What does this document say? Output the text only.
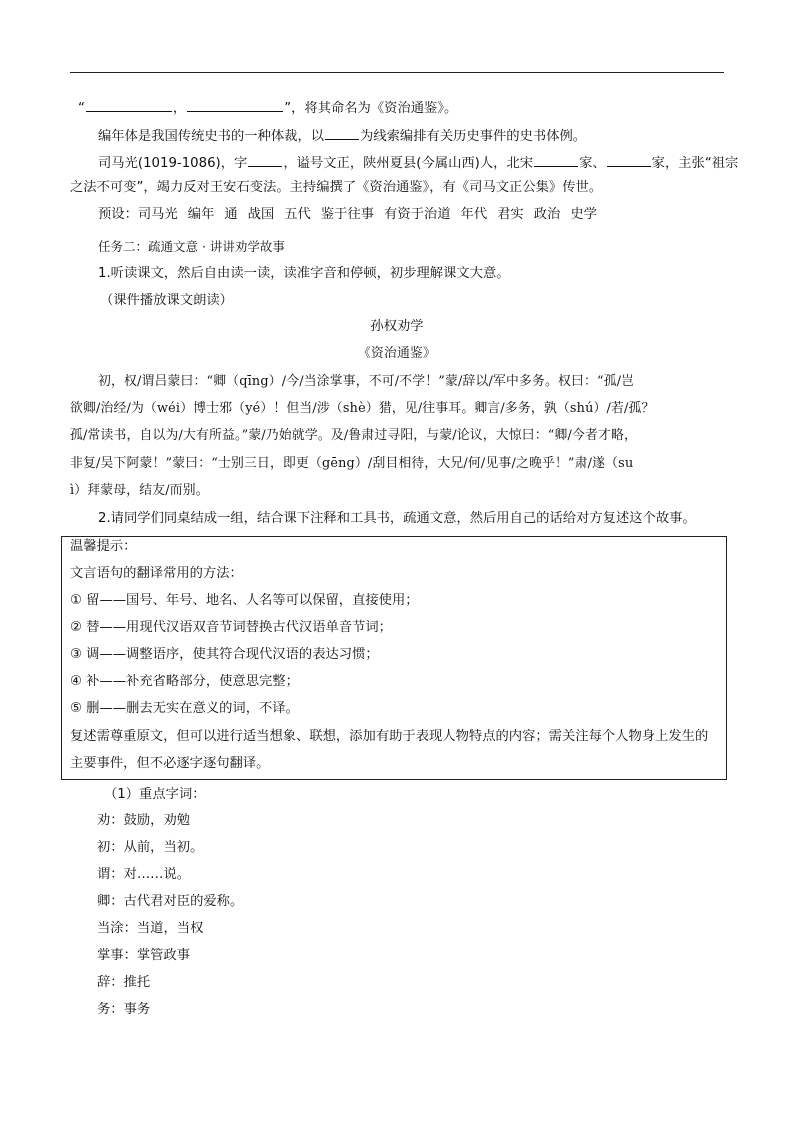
“	，	”，将其命名为《资治通鉴》。
编年体是我国传统史书的一种体裁，以	为线索编排有关历史事件的史书体例。
司马光(1019-1086)，字	，谥号文正，陕州夏县(今属山西)人，北宋	家、	家，主张“祖宗
之法不可变”，竭力反对王安石变法。主持编撰了《资治通鉴》，有《司马文正公集》传世。
预设：司马光 编年 通 战国 五代 鉴于往事 有资于治道 年代 君实 政治 史学
任务二：疏通文意 · 讲讲劝学故事
1.听读课文，然后自由读一读，读准字音和停顿，初步理解课文大意。
（课件播放课文朗读）
孙权劝学
《资治通鉴》
初，权/谓吕蒙曰：“卿（qīng）/今/当涂掌事，不可/不学！”蒙/辞以/军中多务。权曰：“孤/岂
欲卿/治经/为（wéi）博士邪（yé）！但当/涉（shè）猎，见/往事耳。卿言/多务，孰（shú）/若/孤？
孤/常读书，自以为/大有所益。”蒙/乃始就学。及/鲁肃过寻阳，与蒙/论议，大惊曰：“卿/今者才略，
非复/吴下阿蒙！”蒙曰：“士别三日，即更（gēng）/刮目相待，大兄/何/见事/之晚乎！”肃/遂（su
ì）拜蒙母，结友/而别。
2.请同学们同桌结成一组，结合课下注释和工具书，疏通文意，然后用自己的话给对方复述这个故事。
温馨提示：
文言语句的翻译常用的方法：
① 留——国号、年号、地名、人名等可以保留，直接使用；
② 替——用现代汉语双音节词替换古代汉语单音节词；
③ 调——调整语序，使其符合现代汉语的表达习惯；
④ 补——补充省略部分，使意思完整；
⑤ 删——删去无实在意义的词，不译。
复述需尊重原文，但可以进行适当想象、联想，添加有助于表现人物特点的内容；需关注每个人物身上发生的
主要事件，但不必逐字逐句翻译。
（1）重点字词：
劝：鼓励，劝勉
初：从前，当初。
谓：对……说。
卿：古代君对臣的爱称。
当涂：当道，当权
掌事：掌管政事
辞：推托
务：事务
